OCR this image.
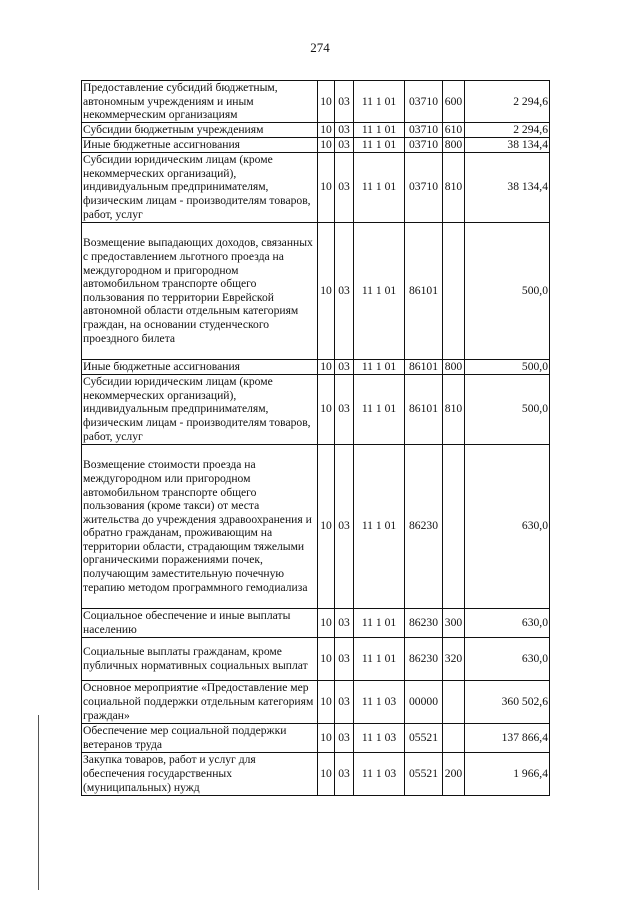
274
Предоставление субсидий бюджетным, автономным учреждениям и иным некоммерческим организациям	10	03	11 1 01	03710	600	2 294,6
Субсидии бюджетным учреждениям	10	03	11 1 01	03710	610	2 294,6
Иные бюджетные ассигнования	10	03	11 1 01	03710	800	38 134,4
Субсидии юридическим лицам (кроме некоммерческих организаций), индивидуальным предпринимателям, физическим лицам - производителям товаров, работ, услуг	10	03	11 1 01	03710	810	38 134,4
Возмещение выпадающих доходов, связанных с предоставлением льготного проезда на междугородном и пригородном автомобильном транспорте общего пользования по территории Еврейской автономной области отдельным категориям граждан, на основании студенческого проездного билета	10	03	11 1 01	86101		500,0
Иные бюджетные ассигнования	10	03	11 1 01	86101	800	500,0
Субсидии юридическим лицам (кроме некоммерческих организаций), индивидуальным предпринимателям, физическим лицам - производителям товаров, работ, услуг	10	03	11 1 01	86101	810	500,0
Возмещение стоимости проезда на междугородном или пригородном автомобильном транспорте общего пользования (кроме такси) от места жительства до учреждения здравоохранения и обратно гражданам, проживающим на территории области, страдающим тяжелыми органическими поражениями почек, получающим заместительную почечную терапию методом программного гемодиализа	10	03	11 1 01	86230		630,0
Социальное обеспечение и иные выплаты населению	10	03	11 1 01	86230	300	630,0
Социальные выплаты гражданам, кроме публичных нормативных социальных выплат	10	03	11 1 01	86230	320	630,0
Основное мероприятие «Предоставление мер социальной поддержки отдельным категориям граждан»	10	03	11 1 03	00000		360 502,6
Обеспечение мер социальной поддержки ветеранов труда	10	03	11 1 03	05521		137 866,4
Закупка товаров, работ и услуг для обеспечения государственных (муниципальных) нужд	10	03	11 1 03	05521	200	1 966,4
